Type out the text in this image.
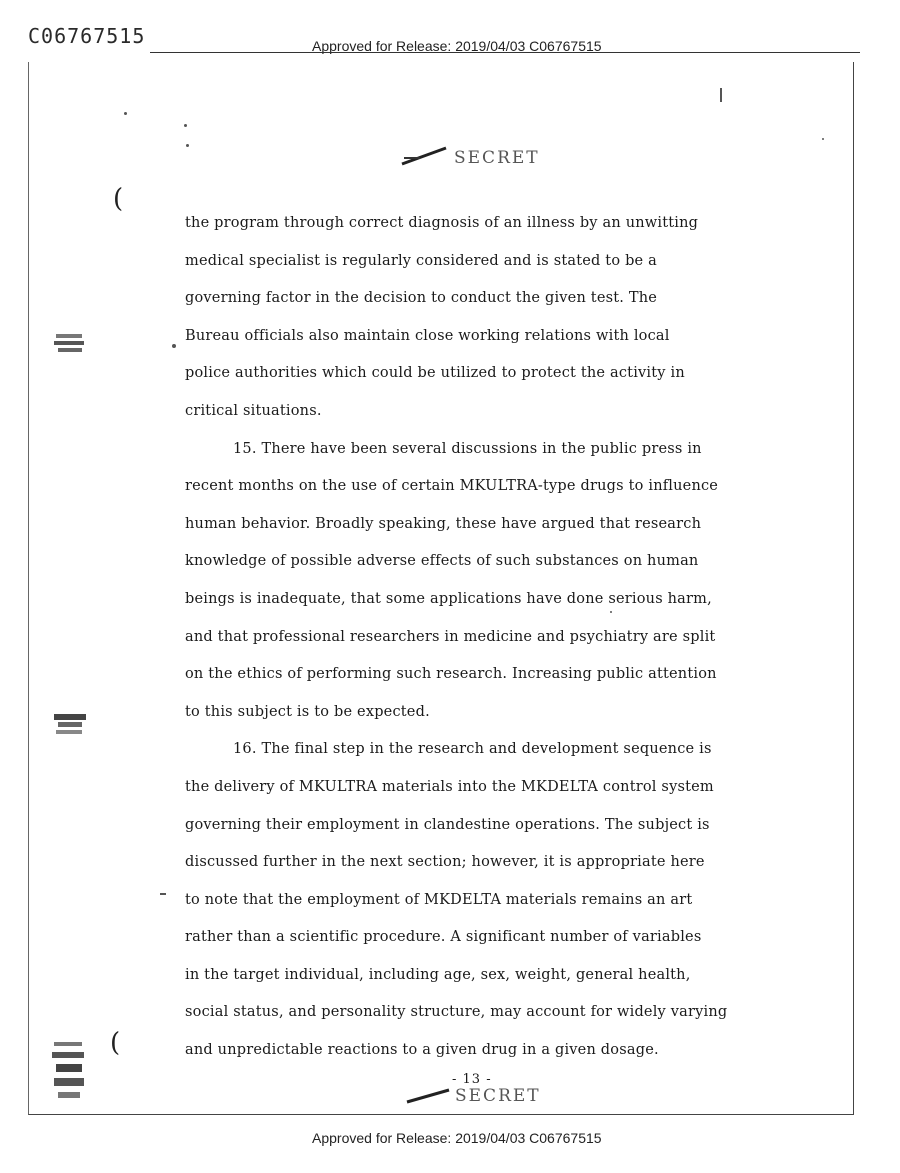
C06767515	Approved for Release: 2019/04/03 C06767515
SECRET
(
(
the program through correct diagnosis of an illness by an unwitting
medical specialist is regularly considered and is stated to be a
governing factor in the decision to conduct the given test. The
Bureau officials also maintain close working relations with local
police authorities which could be utilized to protect the activity in
critical situations.
15. There have been several discussions in the public press in
recent months on the use of certain MKULTRA-type drugs to influence
human behavior. Broadly speaking, these have argued that research
knowledge of possible adverse effects of such substances on human
beings is inadequate, that some applications have done serious harm,
and that professional researchers in medicine and psychiatry are split
on the ethics of performing such research. Increasing public attention
to this subject is to be expected.
16. The final step in the research and development sequence is
the delivery of MKULTRA materials into the MKDELTA control system
governing their employment in clandestine operations. The subject is
discussed further in the next section; however, it is appropriate here
to note that the employment of MKDELTA materials remains an art
rather than a scientific procedure. A significant number of variables
in the target individual, including age, sex, weight, general health,
social status, and personality structure, may account for widely varying
and unpredictable reactions to a given drug in a given dosage.
- 13 -
SECRET
Approved for Release: 2019/04/03 C06767515
